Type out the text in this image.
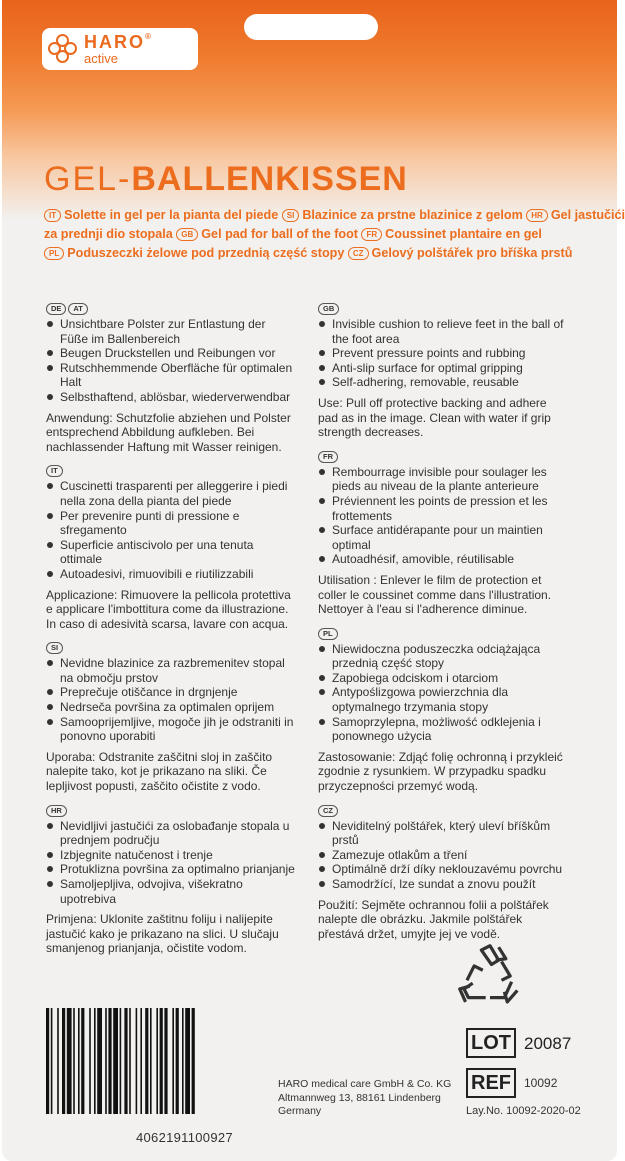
HARO®
active
GEL-BALLENKISSEN
IT Solette in gel per la pianta del piede SI Blazinice za prstne blazinice z gelom HR Gel jastučići
za prednji dio stopala GB Gel pad for ball of the foot FR Coussinet plantaire en gel
PL Poduszeczki żelowe pod przednią część stopy CZ Gelový polštářek pro bříška prstů
DE AT
Unsichtbare Polster zur Entlastung der Füße im Ballenbereich
Beugen Druckstellen und Reibungen vor
Rutschhemmende Oberfläche für optimalen Halt
Selbsthaftend, ablösbar, wiederverwendbar
Anwendung: Schutzfolie abziehen und Polster entsprechend Abbildung aufkleben. Bei nachlassender Haftung mit Wasser reinigen.
IT
Cuscinetti trasparenti per alleggerire i piedi nella zona della pianta del piede
Per prevenire punti di pressione e sfregamento
Superficie antiscivolo per una tenuta ottimale
Autoadesivi, rimuovibili e riutilizzabili
Applicazione: Rimuovere la pellicola protettiva e applicare l'imbottitura come da illustrazione. In caso di adesività scarsa, lavare con acqua.
SI
Nevidne blazinice za razbremenitev stopal na območju prstov
Preprečuje otiščance in drgnjenje
Nedrseča površina za optimalen oprijem
Samooprijemljive, mogoče jih je odstraniti in ponovno uporabiti
Uporaba: Odstranite zaščitni sloj in zaščito nalepite tako, kot je prikazano na sliki. Če lepljivost popusti, zaščito očistite z vodo.
HR
Nevidljivi jastučići za oslobađanje stopala u prednjem području
Izbjegnite natučenost i trenje
Protuklizna površina za optimalno prianjanje
Samoljepljiva, odvojiva, višekratno upotrebiva
Primjena: Uklonite zaštitnu foliju i nalijepite jastučić kako je prikazano na slici. U slučaju smanjenog prianjanja, očistite vodom.
GB
Invisible cushion to relieve feet in the ball of the foot area
Prevent pressure points and rubbing
Anti-slip surface for optimal gripping
Self-adhering, removable, reusable
Use: Pull off protective backing and adhere pad as in the image. Clean with water if grip strength decreases.
FR
Rembourrage invisible pour soulager les pieds au niveau de la plante anterieure
Préviennent les points de pression et les frottements
Surface antidérapante pour un maintien optimal
Autoadhésif, amovible, réutilisable
Utilisation : Enlever le film de protection et coller le coussinet comme dans l'illustration. Nettoyer à l'eau si l'adherence diminue.
PL
Niewidoczna poduszeczka odciążająca przednią część stopy
Zapobiega odciskom i otarciom
Antypoślizgowa powierzchnia dla optymalnego trzymania stopy
Samoprzylepna, możliwość odklejenia i ponownego użycia
Zastosowanie: Zdjąć folię ochronną i przykleić zgodnie z rysunkiem. W przypadku spadku przyczepności przemyć wodą.
CZ
Neviditelný polštářek, který uleví bříškům prstů
Zamezuje otlakům a tření
Optimálně drží díky neklouzavému povrchu
Samodržící, lze sundat a znovu použít
Použití: Sejměte ochrannou folii a polštářek nalepte dle obrázku. Jakmile polštářek přestává držet, umyjte jej ve vodě.
LOT 20087
REF	10092
Lay.No. 10092-2020-02
HARO medical care GmbH & Co. KG
Altmannweg 13, 88161 Lindenberg
Germany
4062191100927
